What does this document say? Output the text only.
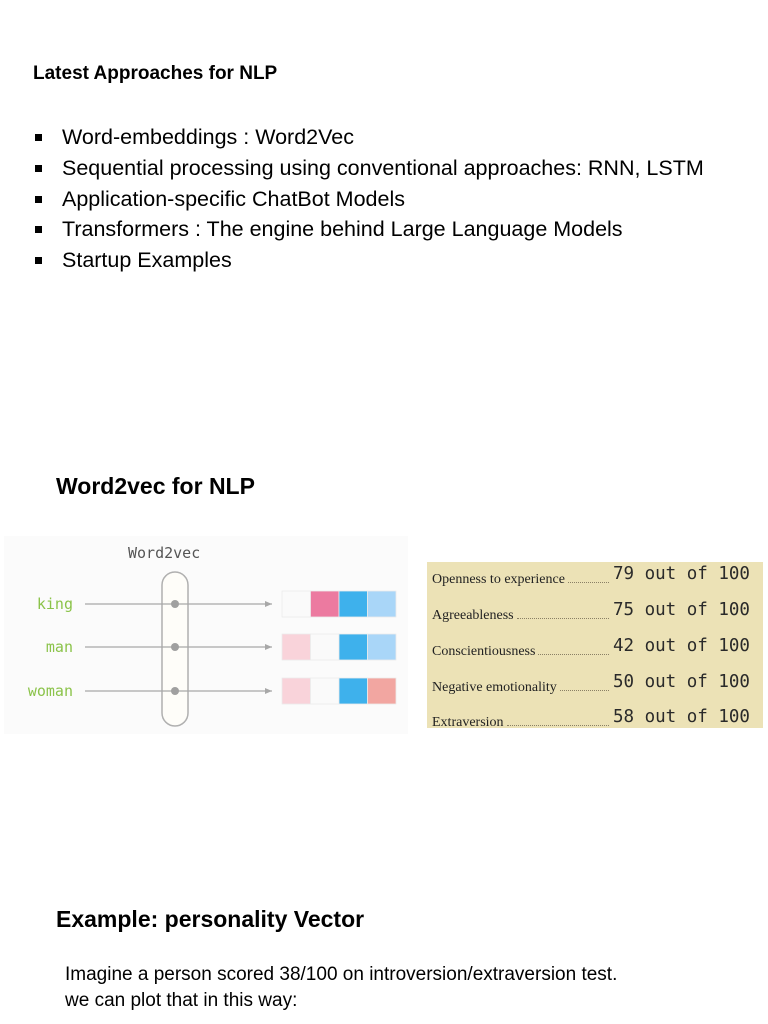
Latest Approaches for NLP
Word-embeddings : Word2Vec
Sequential processing using conventional approaches: RNN, LSTM
Application-specific ChatBot Models
Transformers : The engine behind Large Language Models
Startup Examples
Word2vec for NLP
Word2vec
king
man
woman
Openness to experience	79 out of 100
Agreeableness	75 out of 100
Conscientiousness	42 out of 100
Negative emotionality	50 out of 100
Extraversion	58 out of 100
Example: personality Vector
Imagine a person scored 38/100 on introversion/extraversion test. we can plot that in this way:
